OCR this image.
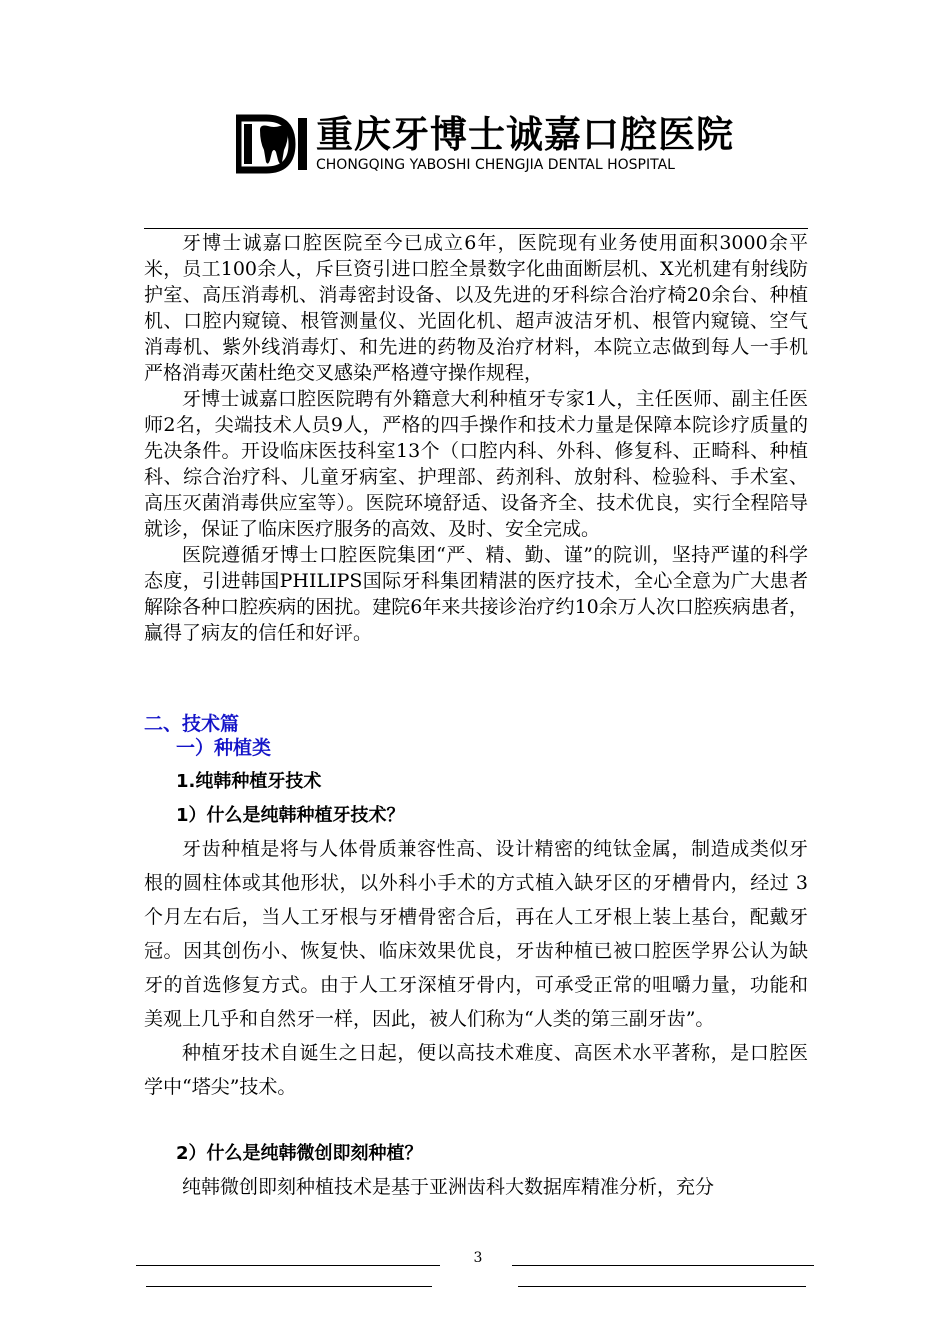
重庆牙博士诚嘉口腔医院
CHONGQING YABOSHI CHENGJIA DENTAL HOSPITAL

牙博士诚嘉口腔医院至今已成立6年，医院现有业务使用面积3000余平米，员工100余人，斥巨资引进口腔全景数字化曲面断层机、X光机建有射线防护室、高压消毒机、消毒密封设备、以及先进的牙科综合治疗椅20余台、种植机、口腔内窥镜、根管测量仪、光固化机、超声波洁牙机、根管内窥镜、空气消毒机、紫外线消毒灯、和先进的药物及治疗材料，本院立志做到每人一手机严格消毒灭菌杜绝交叉感染严格遵守操作规程，

牙博士诚嘉口腔医院聘有外籍意大利种植牙专家1人，主任医师、副主任医师2名，尖端技术人员9人，严格的四手操作和技术力量是保障本院诊疗质量的先决条件。开设临床医技科室13个（口腔内科、外科、修复科、正畸科、种植科、综合治疗科、儿童牙病室、护理部、药剂科、放射科、检验科、手术室、高压灭菌消毒供应室等）。医院环境舒适、设备齐全、技术优良，实行全程陪导就诊，保证了临床医疗服务的高效、及时、安全完成。

医院遵循牙博士口腔医院集团“严、精、勤、谨”的院训，坚持严谨的科学态度，引进韩国PHILIPS国际牙科集团精湛的医疗技术，全心全意为广大患者解除各种口腔疾病的困扰。建院6年来共接诊治疗约10余万人次口腔疾病患者，赢得了病友的信任和好评。

二、技术篇
一）种植类
1.纯韩种植牙技术
1）什么是纯韩种植牙技术？

牙齿种植是将与人体骨质兼容性高、设计精密的纯钛金属，制造成类似牙根的圆柱体或其他形状，以外科小手术的方式植入缺牙区的牙槽骨内，经过 3个月左右后，当人工牙根与牙槽骨密合后，再在人工牙根上装上基台，配戴牙冠。因其创伤小、恢复快、临床效果优良，牙齿种植已被口腔医学界公认为缺牙的首选修复方式。由于人工牙深植牙骨内，可承受正常的咀嚼力量，功能和美观上几乎和自然牙一样，因此，被人们称为“人类的第三副牙齿”。

种植牙技术自诞生之日起，便以高技术难度、高医术水平著称，是口腔医学中“塔尖”技术。

2）什么是纯韩微创即刻种植？

纯韩微创即刻种植技术是基于亚洲齿科大数据库精准分析，充分

3
